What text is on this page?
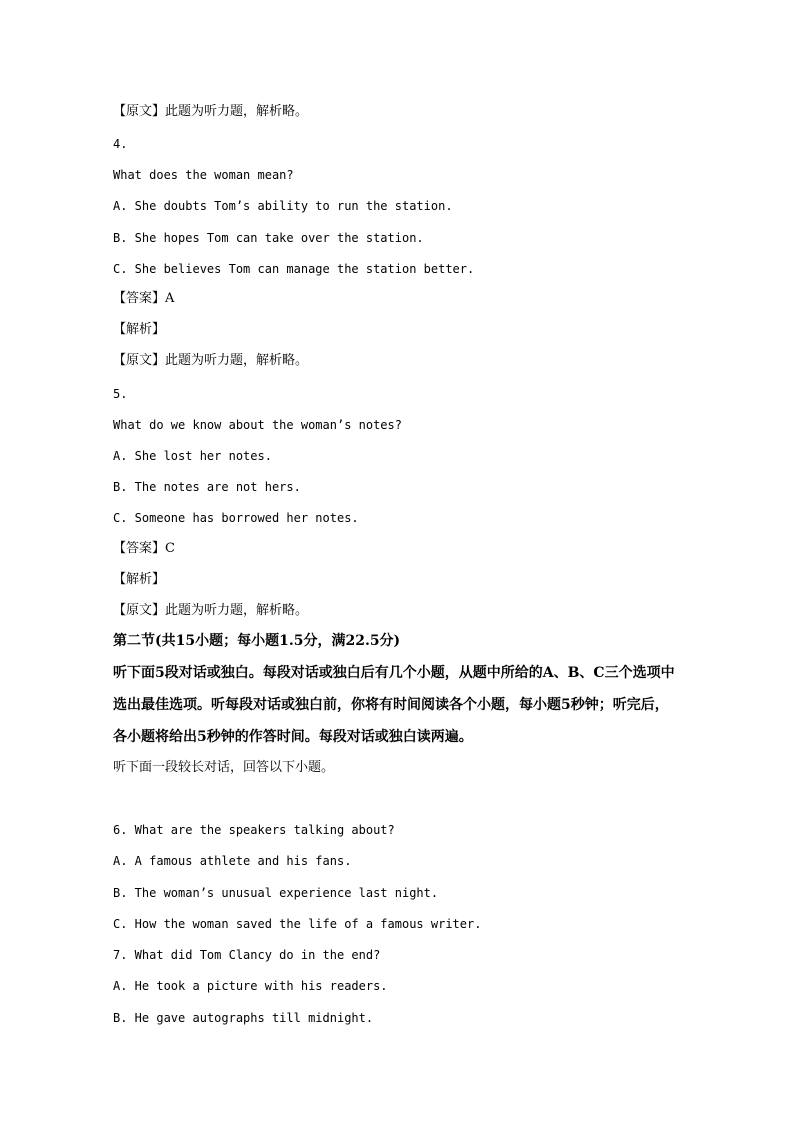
【原文】此题为听力题，解析略。
4.
What does the woman mean?
A. She doubts Tom’s ability to run the station.
B. She hopes Tom can take over the station.
C. She believes Tom can manage the station better.
【答案】A
【解析】
【原文】此题为听力题，解析略。
5.
What do we know about the woman’s notes?
A. She lost her notes.
B. The notes are not hers.
C. Someone has borrowed her notes.
【答案】C
【解析】
【原文】此题为听力题，解析略。
第二节(共15小题；每小题1.5分，满22.5分)
听下面5段对话或独白。每段对话或独白后有几个小题，从题中所给的A、B、C三个选项中
选出最佳选项。听每段对话或独白前，你将有时间阅读各个小题，每小题5秒钟；听完后，
各小题将给出5秒钟的作答时间。每段对话或独白读两遍。
听下面一段较长对话，回答以下小题。
6. What are the speakers talking about?
A. A famous athlete and his fans.
B. The woman’s unusual experience last night.
C. How the woman saved the life of a famous writer.
7. What did Tom Clancy do in the end?
A. He took a picture with his readers.
B. He gave autographs till midnight.
